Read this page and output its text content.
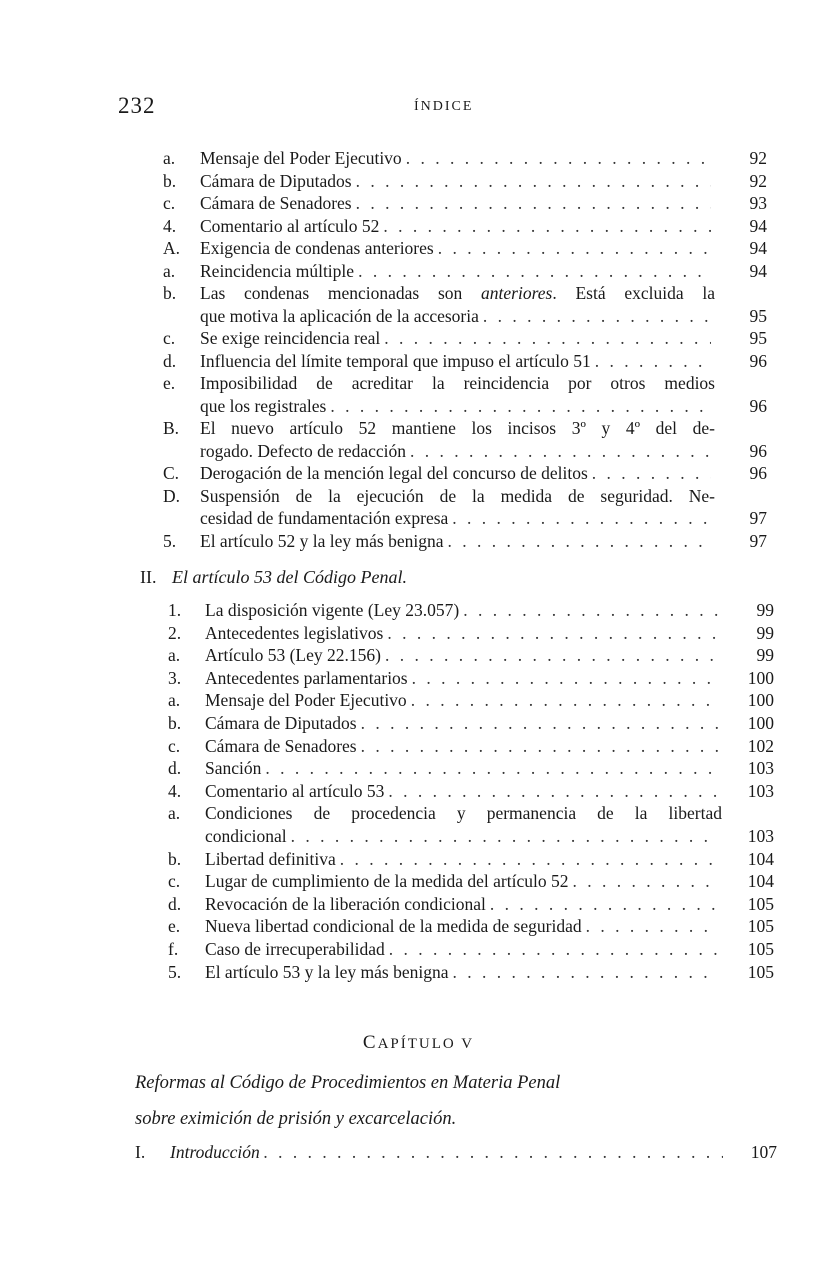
232	ÍNDICE
a. Mensaje del Poder Ejecutivo . . .	92
b. Cámara de Diputados . . .	92
c. Cámara de Senadores . . .	93
4. Comentario al artículo 52 . . .	94
A. Exigencia de condenas anteriores . . .	94
a. Reincidencia múltiple . . .	94
b. Las condenas mencionadas son anteriores. Está excluida la
que motiva la aplicación de la accesoria . . .	95
c. Se exige reincidencia real . . .	95
d. Influencia del límite temporal que impuso el artículo 51 . . .	96
e. Imposibilidad de acreditar la reincidencia por otros medios
que los registrales . . .	96
B. El nuevo artículo 52 mantiene los incisos 3º y 4º del de-
rogado. Defecto de redacción . . .	96
C. Derogación de la mención legal del concurso de delitos . . .	96
D. Suspensión de la ejecución de la medida de seguridad. Ne-
cesidad de fundamentación expresa . . .	97
5. El artículo 52 y la ley más benigna . . .	97
II. El artículo 53 del Código Penal.
1. La disposición vigente (Ley 23.057) . . .	99
2. Antecedentes legislativos . . .	99
a. Artículo 53 (Ley 22.156) . . .	99
3. Antecedentes parlamentarios . . .	100
a. Mensaje del Poder Ejecutivo . . .	100
b. Cámara de Diputados . . .	100
c. Cámara de Senadores . . .	102
d. Sanción . . .	103
4. Comentario al artículo 53 . . .	103
a. Condiciones de procedencia y permanencia de la libertad
condicional . . .	103
b. Libertad definitiva . . .	104
c. Lugar de cumplimiento de la medida del artículo 52 . . .	104
d. Revocación de la liberación condicional . . .	105
e. Nueva libertad condicional de la medida de seguridad . . .	105
f. Caso de irrecuperabilidad . . .	105
5. El artículo 53 y la ley más benigna . . .	105
CAPÍTULO V
Reformas al Código de Procedimientos en Materia Penal
sobre eximición de prisión y excarcelación.
I. Introducción . . .	107
